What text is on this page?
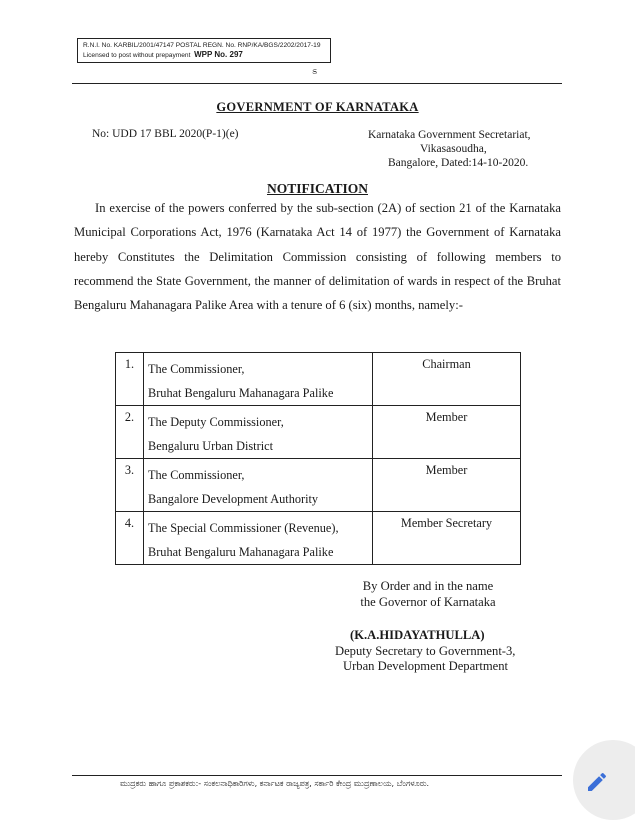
R.N.I. No. KARBIL/2001/47147 POSTAL REGN. No. RNP/KA/BGS/2202/2017-19
Licensed to post without prepayment WPP No. 297
ಽ
GOVERNMENT OF KARNATAKA
No: UDD 17 BBL 2020(P-1)(e)	Karnataka Government Secretariat,
Vikasasoudha,
Bangalore, Dated:14-10-2020.
NOTIFICATION
In exercise of the powers conferred by the sub-section (2A) of section 21 of the Karnataka Municipal Corporations Act, 1976 (Karnataka Act 14 of 1977) the Government of Karnataka hereby Constitutes the Delimitation Commission consisting of following members to recommend the State Government, the manner of delimitation of wards in respect of the Bruhat Bengaluru Mahanagara Palike Area with a tenure of 6 (six) months, namely:-
1.	The Commissioner,
Bruhat Bengaluru Mahanagara Palike	Chairman
2.	The Deputy Commissioner,
Bengaluru Urban District	Member
3.	The Commissioner,
Bangalore Development Authority	Member
4.	The Special Commissioner (Revenue),
Bruhat Bengaluru Mahanagara Palike	Member Secretary
By Order and in the name
the Governor of Karnataka
(K.A.HIDAYATHULLA)
Deputy Secretary to Government-3,
Urban Development Department
ಮುದ್ರಕರು ಹಾಗೂ ಪ್ರಕಾಶಕರು:- ಸಂಕಲನಾಧಿಕಾರಿಗಳು, ಕರ್ನಾಟಕ ರಾಜ್ಯಪತ್ರ, ಸರ್ಕಾರಿ ಕೇಂದ್ರ ಮುದ್ರಣಾಲಯ, ಬೆಂಗಳೂರು.
